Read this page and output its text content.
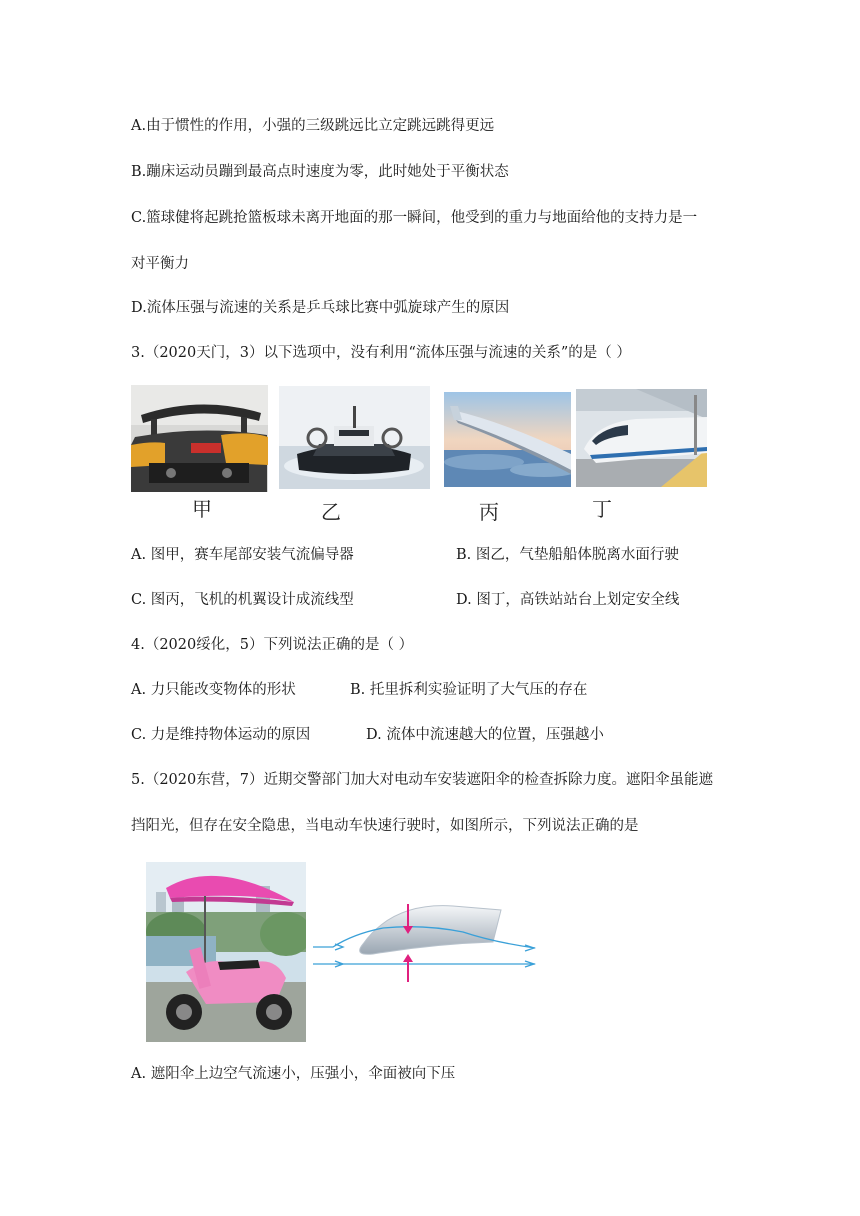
A.由于惯性的作用，小强的三级跳远比立定跳远跳得更远
B.蹦床运动员蹦到最高点时速度为零，此时她处于平衡状态
C.篮球健将起跳抢篮板球未离开地面的那一瞬间，他受到的重力与地面给他的支持力是一
对平衡力
D.流体压强与流速的关系是乒乓球比赛中弧旋球产生的原因
3.（2020天门，3）以下选项中，没有利用“流体压强与流速的关系”的是（ ）
甲	乙	丙	丁
A. 图甲，赛车尾部安装气流偏导器	B. 图乙，气垫船船体脱离水面行驶
C. 图丙，飞机的机翼设计成流线型	D. 图丁，高铁站站台上划定安全线
4.（2020绥化，5）下列说法正确的是（ ）
A. 力只能改变物体的形状	B. 托里拆利实验证明了大气压的存在
C. 力是维持物体运动的原因	D. 流体中流速越大的位置，压强越小
5.（2020东营，7）近期交警部门加大对电动车安装遮阳伞的检查拆除力度。遮阳伞虽能遮
挡阳光，但存在安全隐患，当电动车快速行驶时，如图所示，下列说法正确的是
A. 遮阳伞上边空气流速小，压强小，伞面被向下压
